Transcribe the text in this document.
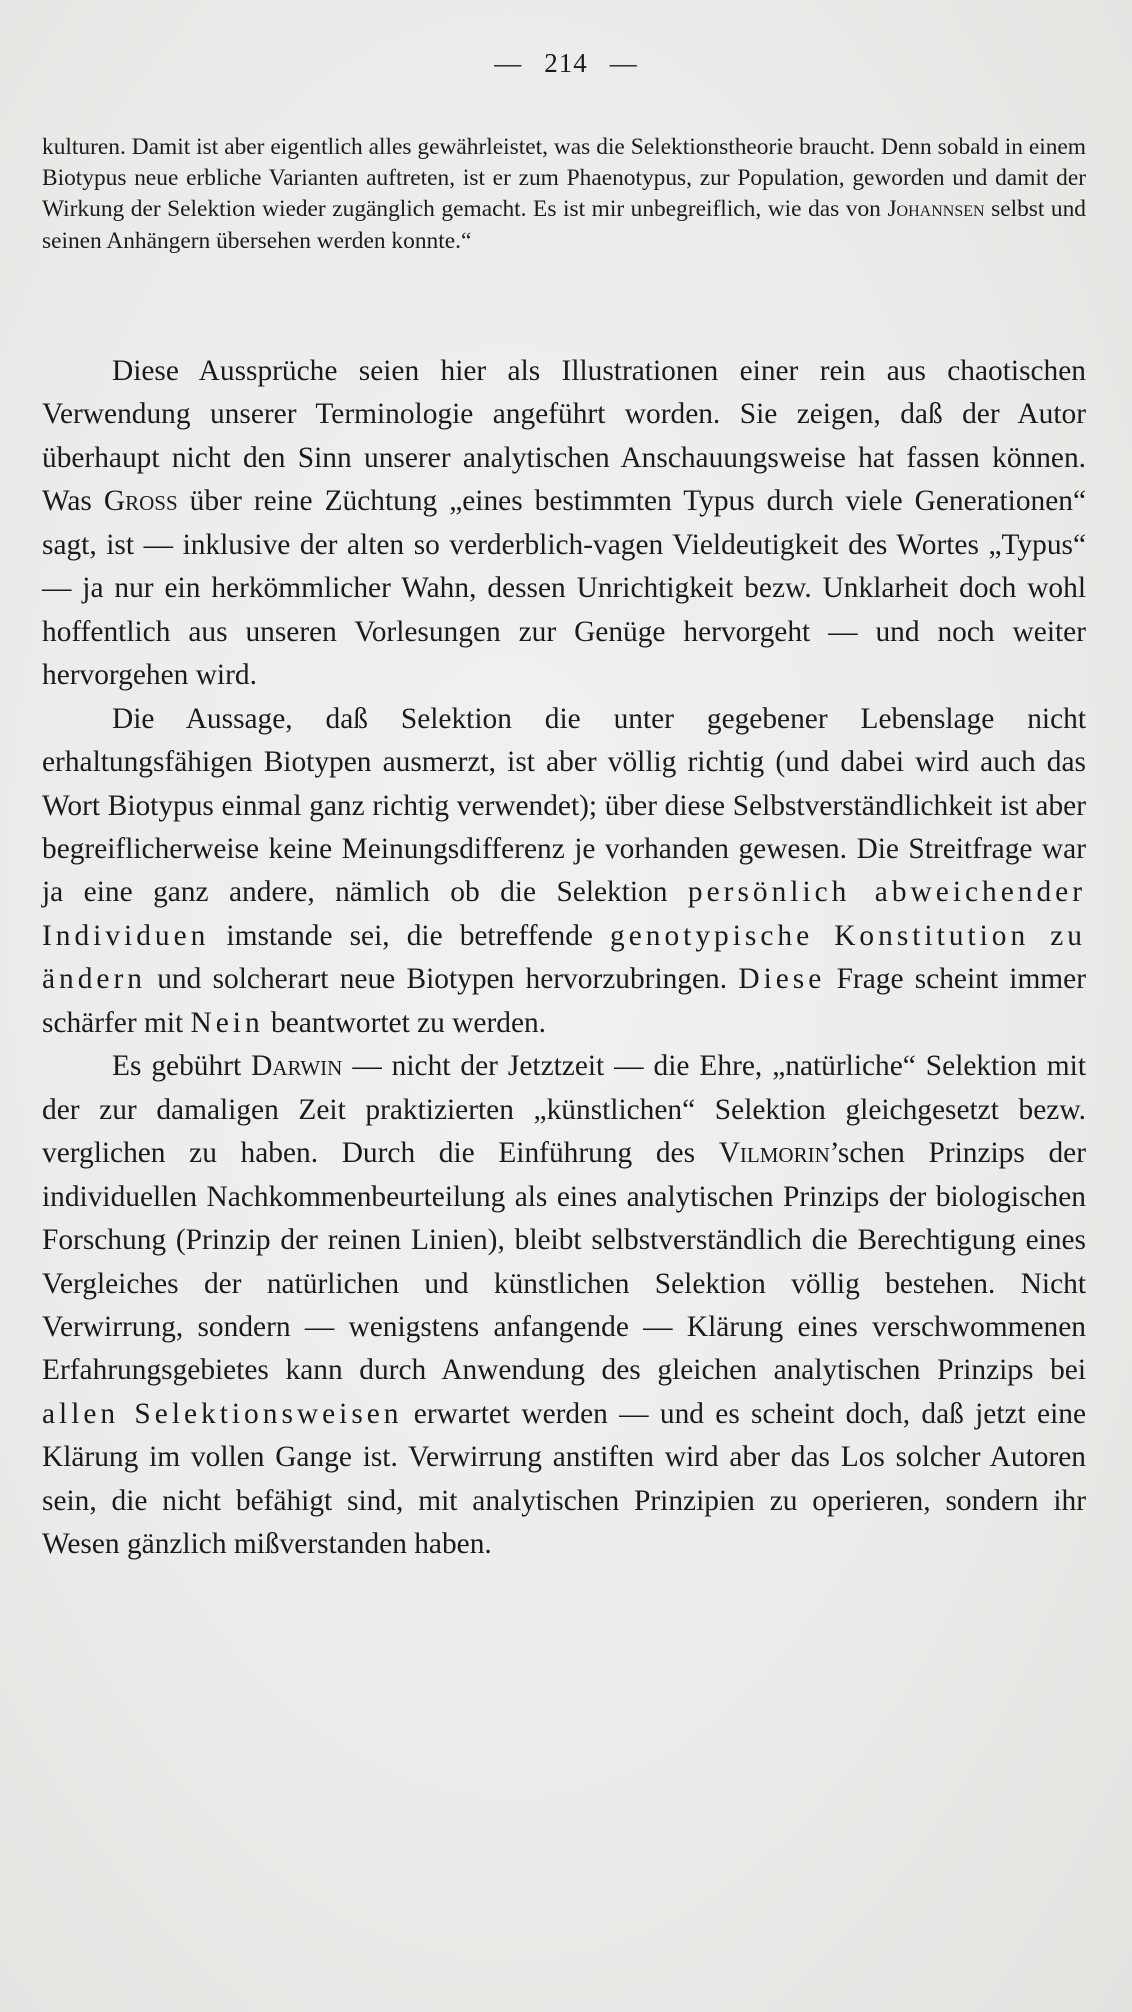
— 214 —
kulturen. Damit ist aber eigentlich alles gewährleistet, was die Selektionstheorie braucht. Denn sobald in einem Biotypus neue erbliche Varianten auftreten, ist er zum Phaenotypus, zur Population, geworden und damit der Wirkung der Selektion wieder zugänglich gemacht. Es ist mir unbegreiflich, wie das von Johannsen selbst und seinen Anhängern übersehen werden konnte.“

Diese Aussprüche seien hier als Illustrationen einer rein aus chaotischen Verwendung unserer Terminologie angeführt worden. Sie zeigen, daß der Autor überhaupt nicht den Sinn unserer analytischen Anschauungsweise hat fassen können. Was Gross über reine Züchtung „eines bestimmten Typus durch viele Generationen“ sagt, ist — inklusive der alten so verderblich-vagen Vieldeutigkeit des Wortes „Typus“ — ja nur ein herkömmlicher Wahn, dessen Unrichtigkeit bezw. Unklarheit doch wohl hoffentlich aus unseren Vorlesungen zur Genüge hervorgeht — und noch weiter hervorgehen wird.

Die Aussage, daß Selektion die unter gegebener Lebenslage nicht erhaltungsfähigen Biotypen ausmerzt, ist aber völlig richtig (und dabei wird auch das Wort Biotypus einmal ganz richtig verwendet); über diese Selbstverständlichkeit ist aber begreiflicherweise keine Meinungsdifferenz je vorhanden gewesen. Die Streitfrage war ja eine ganz andere, nämlich ob die Selektion persönlich abweichender Individuen imstande sei, die betreffende genotypische Konstitution zu ändern und solcherart neue Biotypen hervorzubringen. Diese Frage scheint immer schärfer mit Nein beantwortet zu werden.

Es gebührt Darwin — nicht der Jetztzeit — die Ehre, „natürliche“ Selektion mit der zur damaligen Zeit praktizierten „künstlichen“ Selektion gleichgesetzt bezw. verglichen zu haben. Durch die Einführung des Vilmorin’schen Prinzips der individuellen Nachkommenbeurteilung als eines analytischen Prinzips der biologischen Forschung (Prinzip der reinen Linien), bleibt selbstverständlich die Berechtigung eines Vergleiches der natürlichen und künstlichen Selektion völlig bestehen. Nicht Verwirrung, sondern — wenigstens anfangende — Klärung eines verschwommenen Erfahrungsgebietes kann durch Anwendung des gleichen analytischen Prinzips bei allen Selektionsweisen erwartet werden — und es scheint doch, daß jetzt eine Klärung im vollen Gange ist. Verwirrung anstiften wird aber das Los solcher Autoren sein, die nicht befähigt sind, mit analytischen Prinzipien zu operieren, sondern ihr Wesen gänzlich mißverstanden haben.
